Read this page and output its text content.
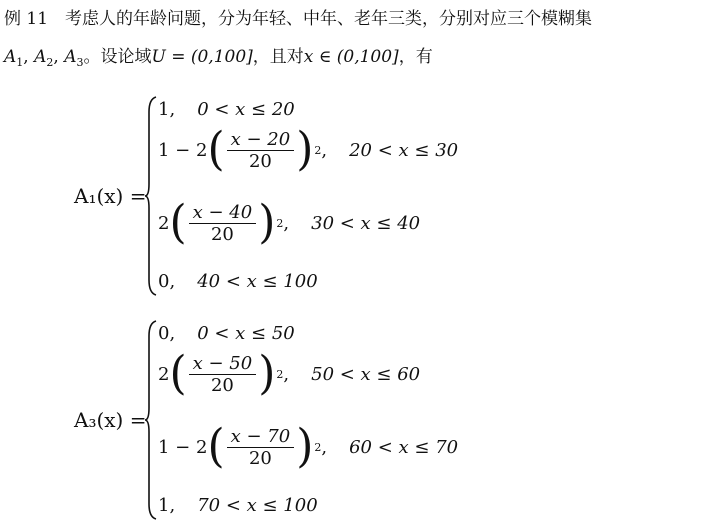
例 11　考虑人的年龄问题，分为年轻、中年、老年三类，分别对应三个模糊集
$A_1$, $A_2$, $A_3$。设论域U = (0,100]，且对x ∈ (0,100]，有
A₁(x) =
1, 0 < x ≤ 20
1 − 2 ( $\frac{x - 20}{20}$ ) 2 , 20 < x ≤ 30
2 ( $\frac{x - 40}{20}$ ) 2 , 30 < x ≤ 40
0, 40 < x ≤ 100
A₃(x) =
0, 0 < x ≤ 50
2 ( $\frac{x - 50}{20}$ ) 2 , 50 < x ≤ 60
1 − 2 ( $\frac{x - 70}{20}$ ) 2 , 60 < x ≤ 70
1, 70 < x ≤ 100
